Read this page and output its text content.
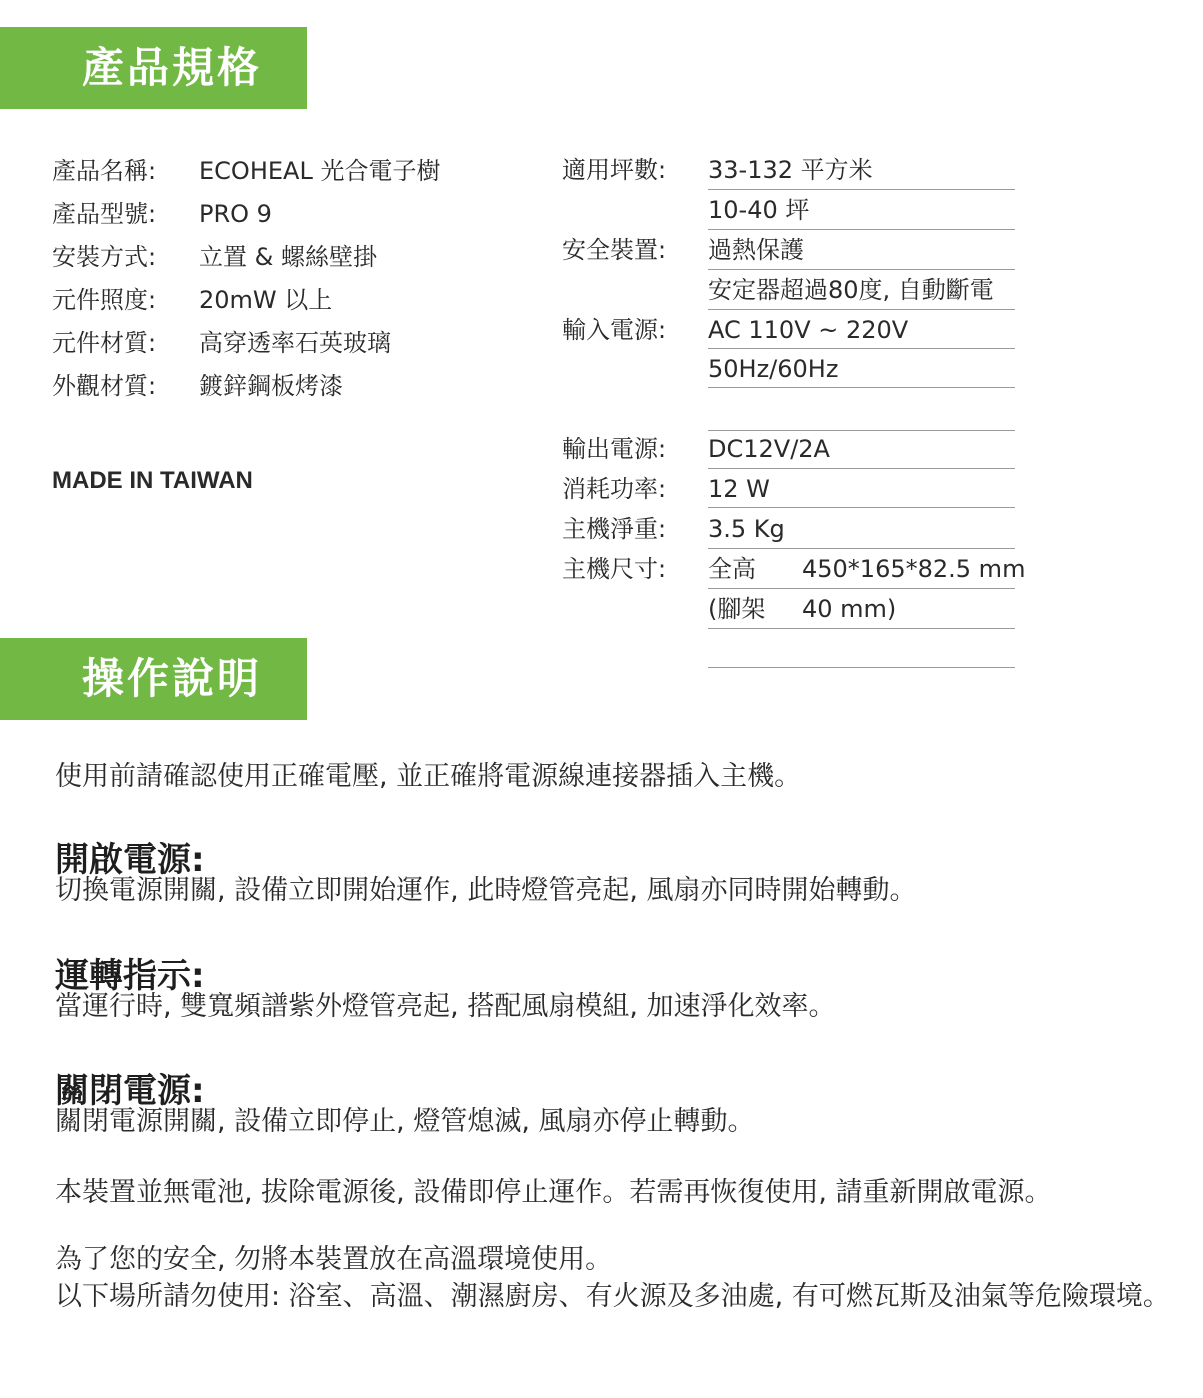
產品規格
產品名稱: ECOHEAL 光合電子樹
產品型號: PRO 9
安裝方式: 立置 & 螺絲壁掛
元件照度: 20mW 以上
元件材質: 高穿透率石英玻璃
外觀材質: 鍍鋅鋼板烤漆
MADE IN TAIWAN
適用坪數: 33-132 平方米
10-40 坪
安全裝置: 過熱保護
安定器超過80度, 自動斷電
輸入電源: AC 110V ~ 220V
50Hz/60Hz
輸出電源: DC12V/2A
消耗功率: 12 W
主機淨重: 3.5 Kg
主機尺寸: 全高 450*165*82.5 mm
(腳架 40 mm)
操作說明
使用前請確認使用正確電壓, 並正確將電源線連接器插入主機。
開啟電源:
切換電源開關, 設備立即開始運作, 此時燈管亮起, 風扇亦同時開始轉動。
運轉指示:
當運行時, 雙寬頻譜紫外燈管亮起, 搭配風扇模組, 加速淨化效率。
關閉電源:
關閉電源開關, 設備立即停止, 燈管熄滅, 風扇亦停止轉動。
本裝置並無電池, 拔除電源後, 設備即停止運作。若需再恢復使用, 請重新開啟電源。
為了您的安全, 勿將本裝置放在高溫環境使用。
以下場所請勿使用: 浴室、高溫、潮濕廚房、有火源及多油處, 有可燃瓦斯及油氣等危險環境。
